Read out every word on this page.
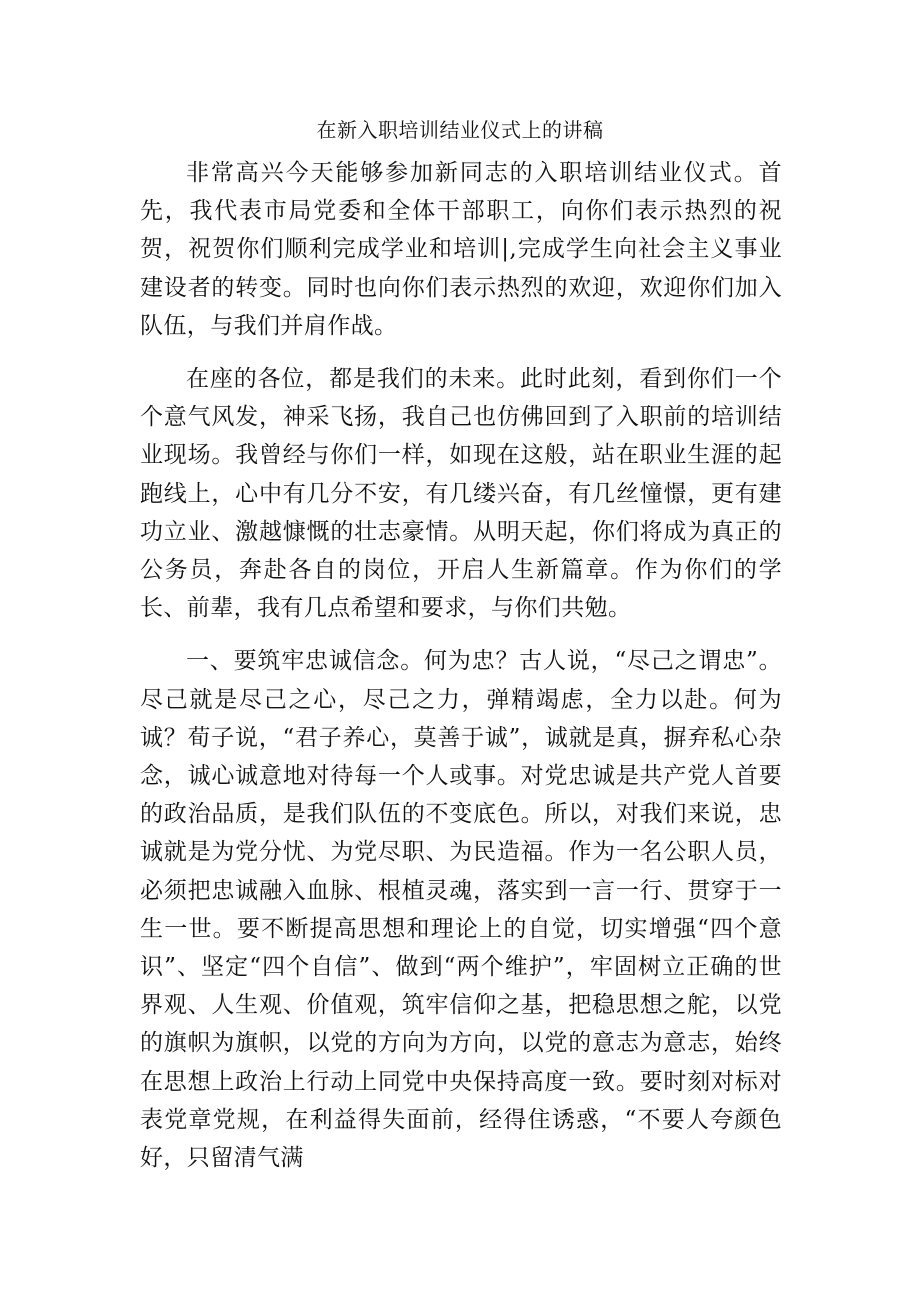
在新入职培训结业仪式上的讲稿

非常高兴今天能够参加新同志的入职培训结业仪式。首先，我代表市局党委和全体干部职工，向你们表示热烈的祝贺，祝贺你们顺利完成学业和培训|,完成学生向社会主义事业建设者的转变。同时也向你们表示热烈的欢迎，欢迎你们加入队伍，与我们并肩作战。

在座的各位，都是我们的未来。此时此刻，看到你们一个个意气风发，神采飞扬，我自己也仿佛回到了入职前的培训结业现场。我曾经与你们一样，如现在这般，站在职业生涯的起跑线上，心中有几分不安，有几缕兴奋，有几丝憧憬，更有建功立业、激越慷慨的壮志豪情。从明天起，你们将成为真正的公务员，奔赴各自的岗位，开启人生新篇章。作为你们的学长、前辈，我有几点希望和要求，与你们共勉。

一、要筑牢忠诚信念。何为忠？古人说，“尽己之谓忠”。尽己就是尽己之心，尽己之力，弹精竭虑，全力以赴。何为诚？荀子说，“君子养心，莫善于诚”，诚就是真，摒弃私心杂念，诚心诚意地对待每一个人或事。对党忠诚是共产党人首要的政治品质，是我们队伍的不变底色。所以，对我们来说，忠诚就是为党分忧、为党尽职、为民造福。作为一名公职人员，必须把忠诚融入血脉、根植灵魂，落实到一言一行、贯穿于一生一世。要不断提高思想和理论上的自觉，切实增强“四个意识”、坚定“四个自信”、做到“两个维护”，牢固树立正确的世界观、人生观、价值观，筑牢信仰之基，把稳思想之舵，以党的旗帜为旗帜，以党的方向为方向，以党的意志为意志，始终在思想上政治上行动上同党中央保持高度一致。要时刻对标对表党章党规，在利益得失面前，经得住诱惑，“不要人夸颜色好，只留清气满
